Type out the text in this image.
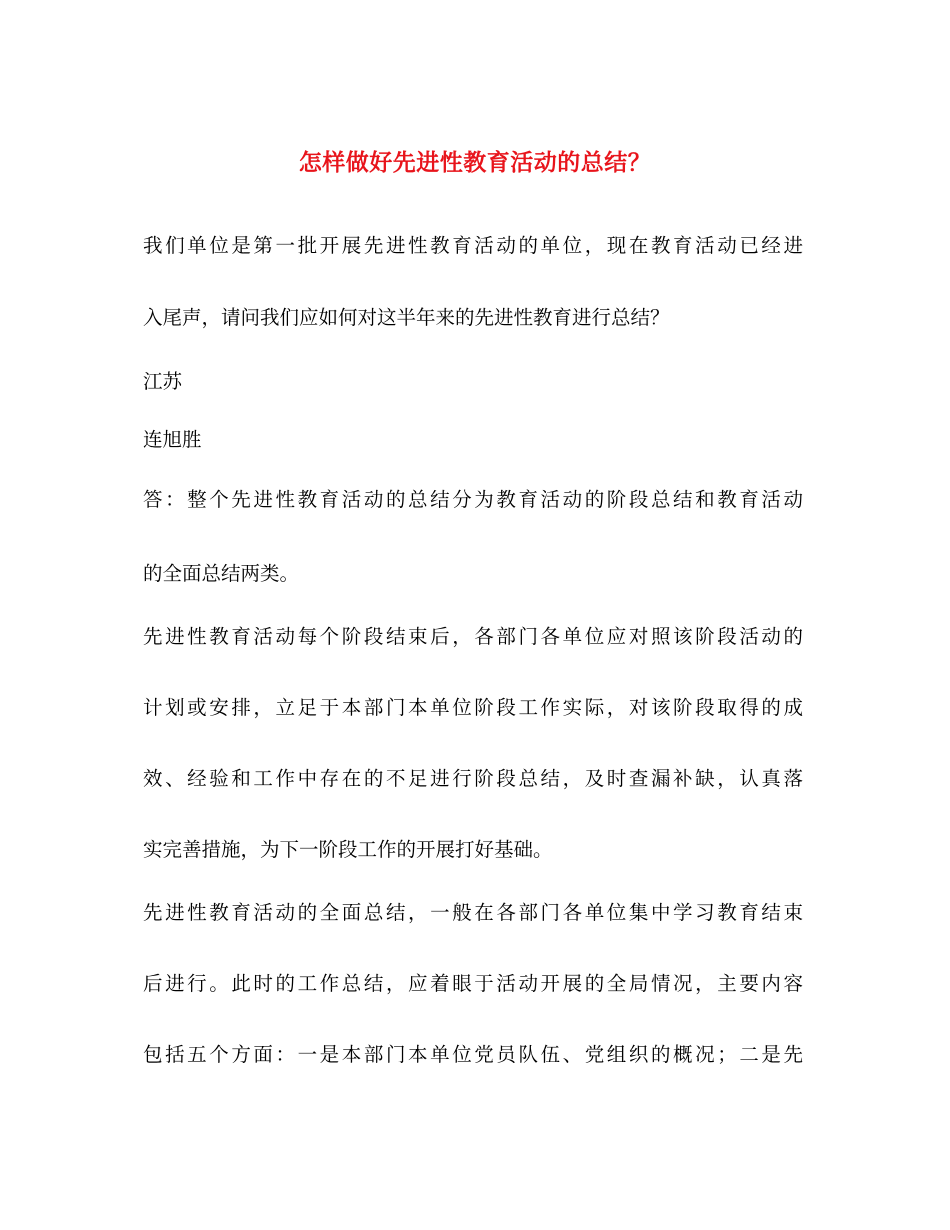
怎样做好先进性教育活动的总结？
我们单位是第一批开展先进性教育活动的单位，现在教育活动已经进
入尾声，请问我们应如何对这半年来的先进性教育进行总结？
江苏
连旭胜
答：整个先进性教育活动的总结分为教育活动的阶段总结和教育活动
的全面总结两类。
先进性教育活动每个阶段结束后，各部门各单位应对照该阶段活动的
计划或安排，立足于本部门本单位阶段工作实际，对该阶段取得的成
效、经验和工作中存在的不足进行阶段总结，及时查漏补缺，认真落
实完善措施，为下一阶段工作的开展打好基础。
先进性教育活动的全面总结，一般在各部门各单位集中学习教育结束
后进行。此时的工作总结，应着眼于活动开展的全局情况，主要内容
包括五个方面：一是本部门本单位党员队伍、党组织的概况；二是先
